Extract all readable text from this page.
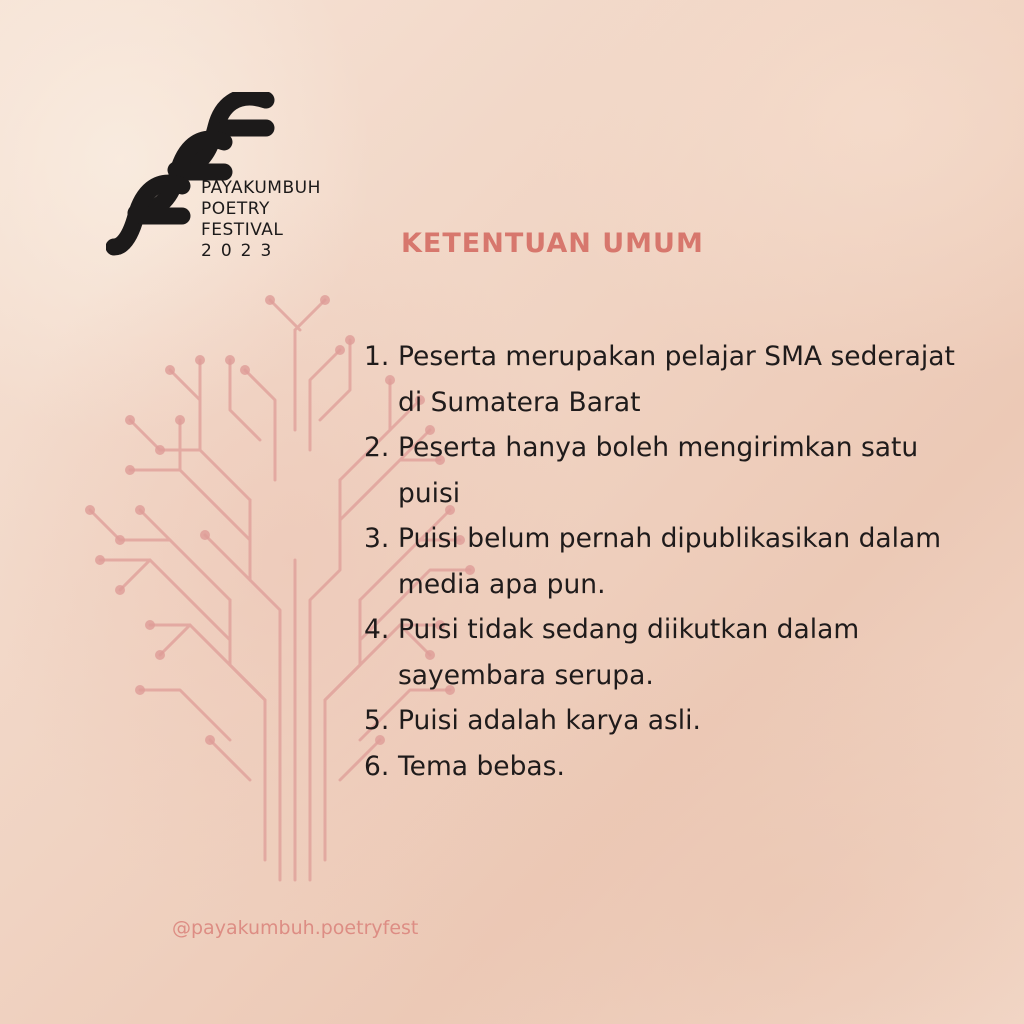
PAYAKUMBUH
POETRY
FESTIVAL
2023	KETENTUAN UMUM
1. Peserta merupakan pelajar SMA sederajat di Sumatera Barat
2. Peserta hanya boleh mengirimkan satu puisi
3. Puisi belum pernah dipublikasikan dalam media apa pun.
4. Puisi tidak sedang diikutkan dalam sayembara serupa.
5. Puisi adalah karya asli.
6. Tema bebas.
@payakumbuh.poetryfest
